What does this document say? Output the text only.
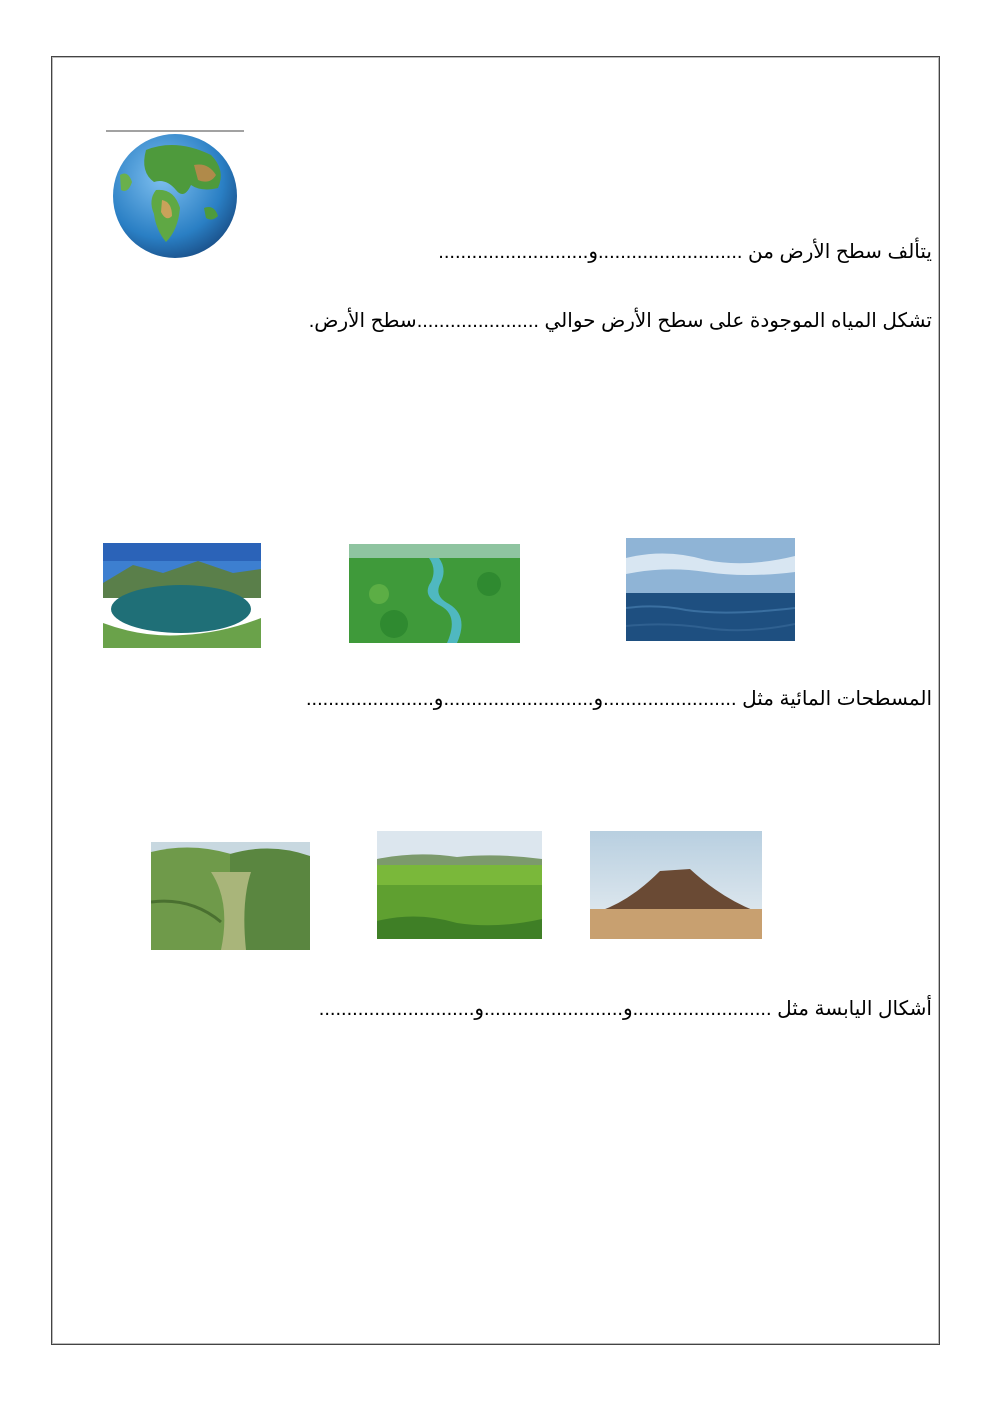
يتألف سطح الأرض من ..........................و...........................
تشكل المياه الموجودة على سطح الأرض حوالي ......................سطح الأرض.
المسطحات المائية مثل ........................و...........................و.......................
أشكال اليابسة مثل .........................و.........................و............................
